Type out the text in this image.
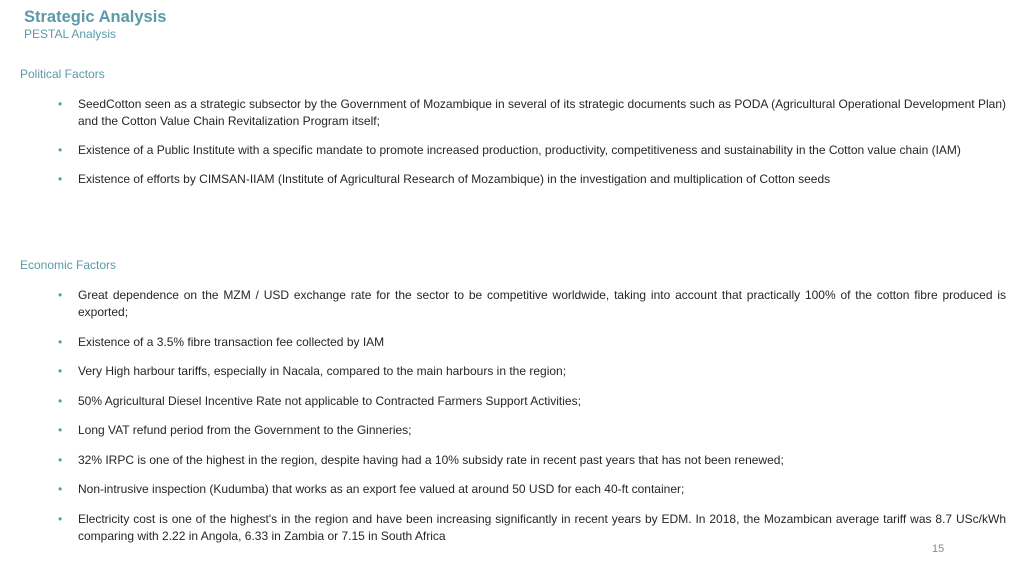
Strategic Analysis
PESTAL Analysis
Political Factors
• SeedCotton seen as a strategic subsector by the Government of Mozambique in several of its strategic documents such as PODA (Agricultural Operational Development Plan) and the Cotton Value Chain Revitalization Program itself;
• Existence of a Public Institute with a specific mandate to promote increased production, productivity, competitiveness and sustainability in the Cotton value chain (IAM)
• Existence of efforts by CIMSAN-IIAM (Institute of Agricultural Research of Mozambique) in the investigation and multiplication of Cotton seeds
Economic Factors
• Great dependence on the MZM / USD exchange rate for the sector to be competitive worldwide, taking into account that practically 100% of the cotton fibre produced is exported;
• Existence of a 3.5% fibre transaction fee collected by IAM
• Very High harbour tariffs, especially in Nacala, compared to the main harbours in the region;
• 50% Agricultural Diesel Incentive Rate not applicable to Contracted Farmers Support Activities;
• Long VAT refund period from the Government to the Ginneries;
• 32% IRPC is one of the highest in the region, despite having had a 10% subsidy rate in recent past years that has not been renewed;
• Non-intrusive inspection (Kudumba) that works as an export fee valued at around 50 USD for each 40-ft container;
• Electricity cost is one of the highest's in the region and have been increasing significantly in recent years by EDM. In 2018, the Mozambican average tariff was 8.7 USc/kWh comparing with 2.22 in Angola, 6.33 in Zambia or 7.15 in South Africa
15
